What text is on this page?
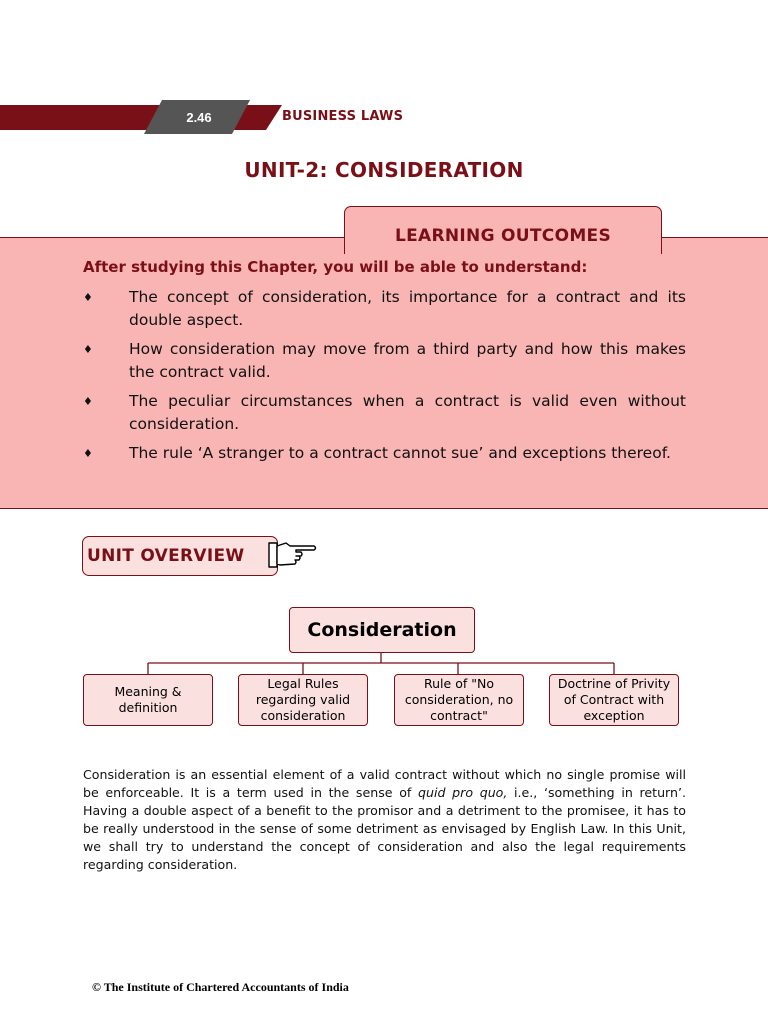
2.46	BUSINESS LAWS
UNIT-2: CONSIDERATION
LEARNING OUTCOMES
After studying this Chapter, you will be able to understand:
♦ The concept of consideration, its importance for a contract and its double aspect.
♦ How consideration may move from a third party and how this makes the contract valid.
♦ The peculiar circumstances when a contract is valid even without consideration.
♦ The rule ‘A stranger to a contract cannot sue’ and exceptions thereof.
UNIT OVERVIEW
Consideration
Meaning & definition
Legal Rules regarding valid consideration
Rule of "No consideration, no contract"
Doctrine of Privity of Contract with exception

Consideration is an essential element of a valid contract without which no single promise will be enforceable. It is a term used in the sense of quid pro quo, i.e., ‘something in return’. Having a double aspect of a benefit to the promisor and a detriment to the promisee, it has to be really understood in the sense of some detriment as envisaged by English Law. In this Unit, we shall try to understand the concept of consideration and also the legal requirements regarding consideration.

© The Institute of Chartered Accountants of India
